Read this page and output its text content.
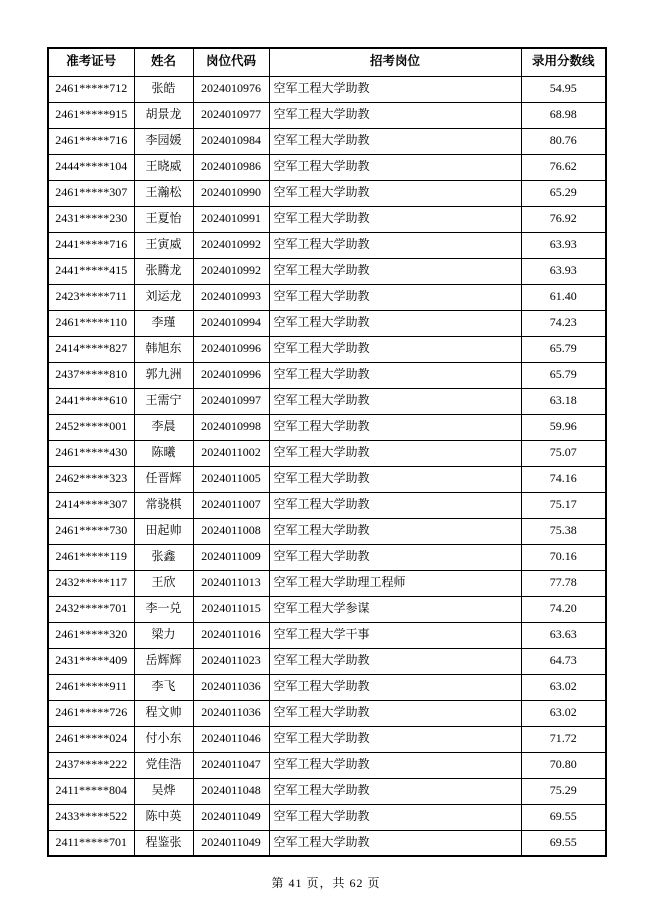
准考证号	姓名	岗位代码	招考岗位	录用分数线
2461*****712	张皓	2024010976	空军工程大学助教	54.95
2461*****915	胡景龙	2024010977	空军工程大学助教	68.98
2461*****716	李园媛	2024010984	空军工程大学助教	80.76
2444*****104	王晓威	2024010986	空军工程大学助教	76.62
2461*****307	王瀚松	2024010990	空军工程大学助教	65.29
2431*****230	王夏怡	2024010991	空军工程大学助教	76.92
2441*****716	王寅威	2024010992	空军工程大学助教	63.93
2441*****415	张腾龙	2024010992	空军工程大学助教	63.93
2423*****711	刘运龙	2024010993	空军工程大学助教	61.40
2461*****110	李瑾	2024010994	空军工程大学助教	74.23
2414*****827	韩旭东	2024010996	空军工程大学助教	65.79
2437*****810	郭九洲	2024010996	空军工程大学助教	65.79
2441*****610	王需宁	2024010997	空军工程大学助教	63.18
2452*****001	李晨	2024010998	空军工程大学助教	59.96
2461*****430	陈曦	2024011002	空军工程大学助教	75.07
2462*****323	任晋辉	2024011005	空军工程大学助教	74.16
2414*****307	常骁棋	2024011007	空军工程大学助教	75.17
2461*****730	田起帅	2024011008	空军工程大学助教	75.38
2461*****119	张鑫	2024011009	空军工程大学助教	70.16
2432*****117	王欣	2024011013	空军工程大学助理工程师	77.78
2432*****701	李一兑	2024011015	空军工程大学参谋	74.20
2461*****320	梁力	2024011016	空军工程大学干事	63.63
2431*****409	岳辉辉	2024011023	空军工程大学助教	64.73
2461*****911	李飞	2024011036	空军工程大学助教	63.02
2461*****726	程文帅	2024011036	空军工程大学助教	63.02
2461*****024	付小东	2024011046	空军工程大学助教	71.72
2437*****222	党佳浩	2024011047	空军工程大学助教	70.80
2411*****804	吴烨	2024011048	空军工程大学助教	75.29
2433*****522	陈中英	2024011049	空军工程大学助教	69.55
2411*****701	程鉴张	2024011049	空军工程大学助教	69.55
第 41 页，共 62 页
